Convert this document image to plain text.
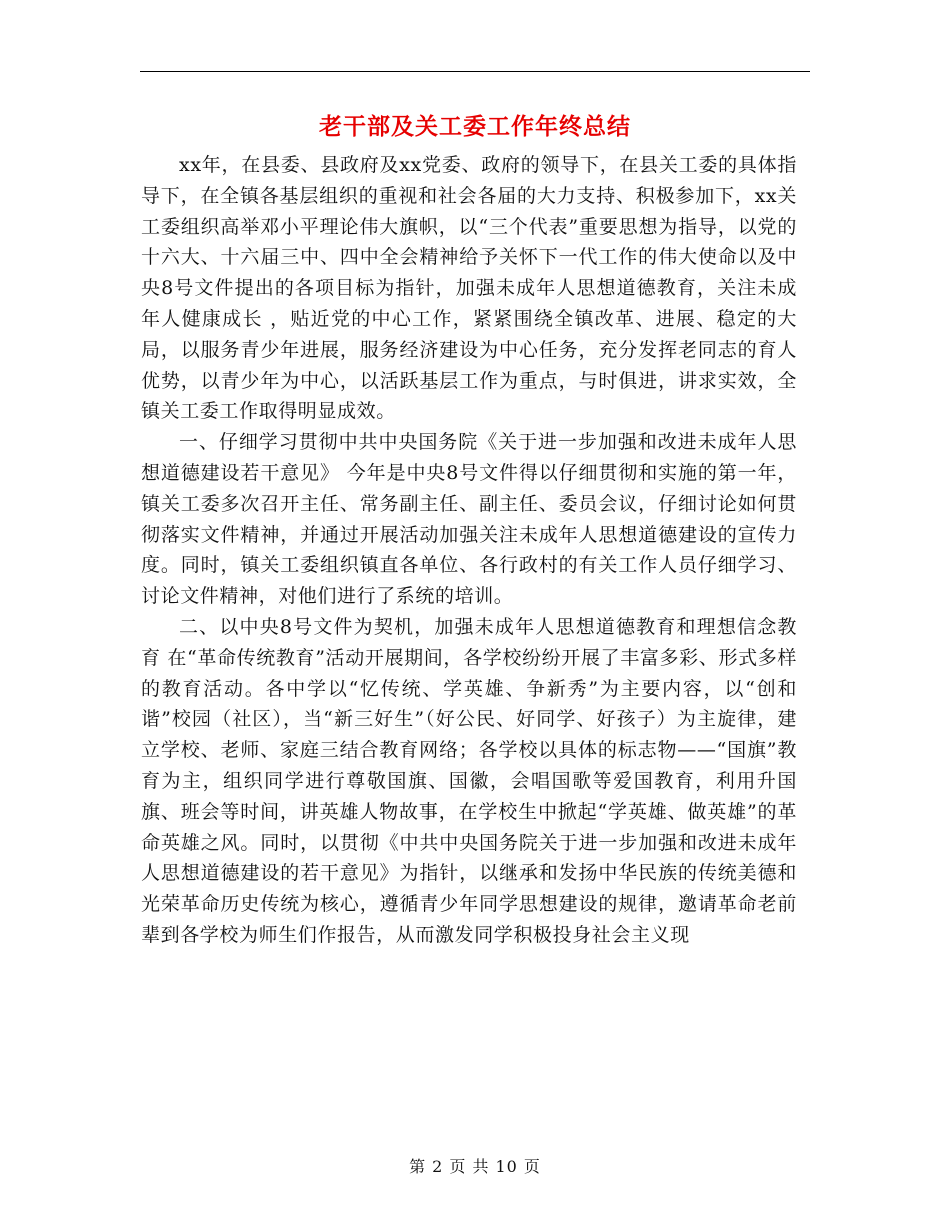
老干部及关工委工作年终总结

xx年，在县委、县政府及xx党委、政府的领导下，在县关工委的具体指导下，在全镇各基层组织的重视和社会各届的大力支持、积极参加下，xx关工委组织高举邓小平理论伟大旗帜，以“三个代表”重要思想为指导，以党的十六大、十六届三中、四中全会精神给予关怀下一代工作的伟大使命以及中央8号文件提出的各项目标为指针，加强未成年人思想道德教育，关注未成年人健康成长 ，贴近党的中心工作，紧紧围绕全镇改革、进展、稳定的大局，以服务青少年进展，服务经济建设为中心任务，充分发挥老同志的育人优势，以青少年为中心，以活跃基层工作为重点，与时俱进，讲求实效，全镇关工委工作取得明显成效。

一、仔细学习贯彻中共中央国务院《关于进一步加强和改进未成年人思想道德建设若干意见》 今年是中央8号文件得以仔细贯彻和实施的第一年，镇关工委多次召开主任、常务副主任、副主任、委员会议，仔细讨论如何贯彻落实文件精神，并通过开展活动加强关注未成年人思想道德建设的宣传力度。同时，镇关工委组织镇直各单位、各行政村的有关工作人员仔细学习、讨论文件精神，对他们进行了系统的培训。

二、以中央8号文件为契机，加强未成年人思想道德教育和理想信念教育 在“革命传统教育”活动开展期间，各学校纷纷开展了丰富多彩、形式多样的教育活动。各中学以“忆传统、学英雄、争新秀”为主要内容，以“创和谐”校园（社区），当“新三好生”（好公民、好同学、好孩子）为主旋律，建立学校、老师、家庭三结合教育网络；各学校以具体的标志物——“国旗”教育为主，组织同学进行尊敬国旗、国徽，会唱国歌等爱国教育，利用升国旗、班会等时间，讲英雄人物故事，在学校生中掀起“学英雄、做英雄”的革命英雄之风。同时，以贯彻《中共中央国务院关于进一步加强和改进未成年人思想道德建设的若干意见》为指针，以继承和发扬中华民族的传统美德和光荣革命历史传统为核心，遵循青少年同学思想建设的规律，邀请革命老前辈到各学校为师生们作报告，从而激发同学积极投身社会主义现

第 2 页 共 10 页
